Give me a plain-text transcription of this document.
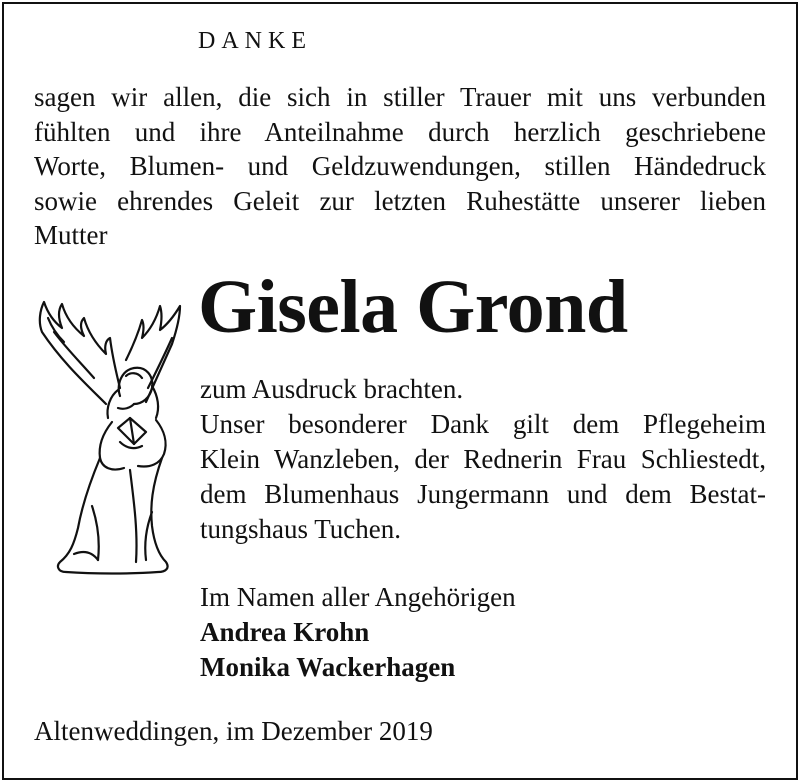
DANKE
sagen wir allen, die sich in stiller Trauer mit uns verbunden
fühlten und ihre Anteilnahme durch herzlich geschriebene
Worte, Blumen- und Geldzuwendungen, stillen Händedruck
sowie ehrendes Geleit zur letzten Ruhestätte unserer lieben
Mutter
Gisela Grond
zum Ausdruck brachten.
Unser besonderer Dank gilt dem Pflegeheim
Klein Wanzleben, der Rednerin Frau Schliestedt,
dem Blumenhaus Jungermann und dem Bestat-
tungshaus Tuchen.
Im Namen aller Angehörigen
Andrea Krohn
Monika Wackerhagen
Altenweddingen, im Dezember 2019
